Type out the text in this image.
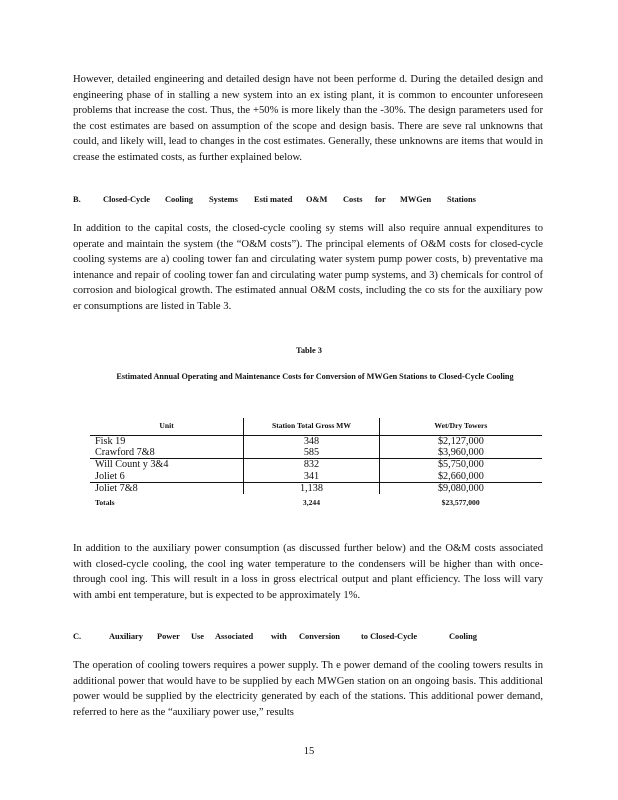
However, detailed engineering and detailed design have not been performe d. During the detailed design and engineering phase of in stalling a new system into an ex isting plant, it is common to encounter unforeseen problems that increase the cost. Thus, the +50% is more likely than the -30%. The design parameters used for the cost estimates are based on assumption of the scope and design basis. There are seve ral unknowns that could, and likely will, lead to changes in the cost estimates. Generally, these unknowns are items that would in crease the estimated costs, as further explained below.

B.	Closed-Cycle Cooling Systems Esti mated O&M Costs for MWGen Stations

In addition to the capital costs, the closed-cycle cooling sy stems will also require annual expenditures to operate and maintain the system (the “O&M costs”). The principal elements of O&M costs for closed-cycle cooling systems are a) cooling tower fan and circulating water system pump power costs, b) preventative ma intenance and repair of cooling tower fan and circulating water pump systems, and 3) chemicals for control of corrosion and biological growth. The estimated annual O&M costs, including the co sts for the auxiliary pow er consumptions are listed in Table 3.

Table 3
Estimated Annual Operating and Maintenance Costs for Conversion of MWGen Stations to Closed-Cycle Cooling
Unit	Station Total Gross MW	Wet/Dry Towers
Fisk 19	348	$2,127,000
Crawford 7&8	585	$3,960,000
Will Count y 3&4	832	$5,750,000
Joliet 6	341	$2,660,000
Joliet 7&8	1,138	$9,080,000
Totals	3,244	$23,577,000

In addition to the auxiliary power consumption (as discussed further below) and the O&M costs associated with closed-cycle cooling, the cool ing water temperature to the condensers will be higher than with once-through cool ing. This will result in a loss in gross electrical output and plant efficiency. The loss will vary with ambi ent temperature, but is expected to be approximately 1%.

C.	Auxiliary Power Use Associated with Conversion	to Closed-Cycle	Cooling

The operation of cooling towers requires a power supply. Th e power demand of the cooling towers results in additional power that would have to be supplied by each MWGen station on an ongoing basis. This additional power would be supplied by the electricity generated by each of the stations. This additional power demand, referred to here as the “auxiliary power use,” results

15
